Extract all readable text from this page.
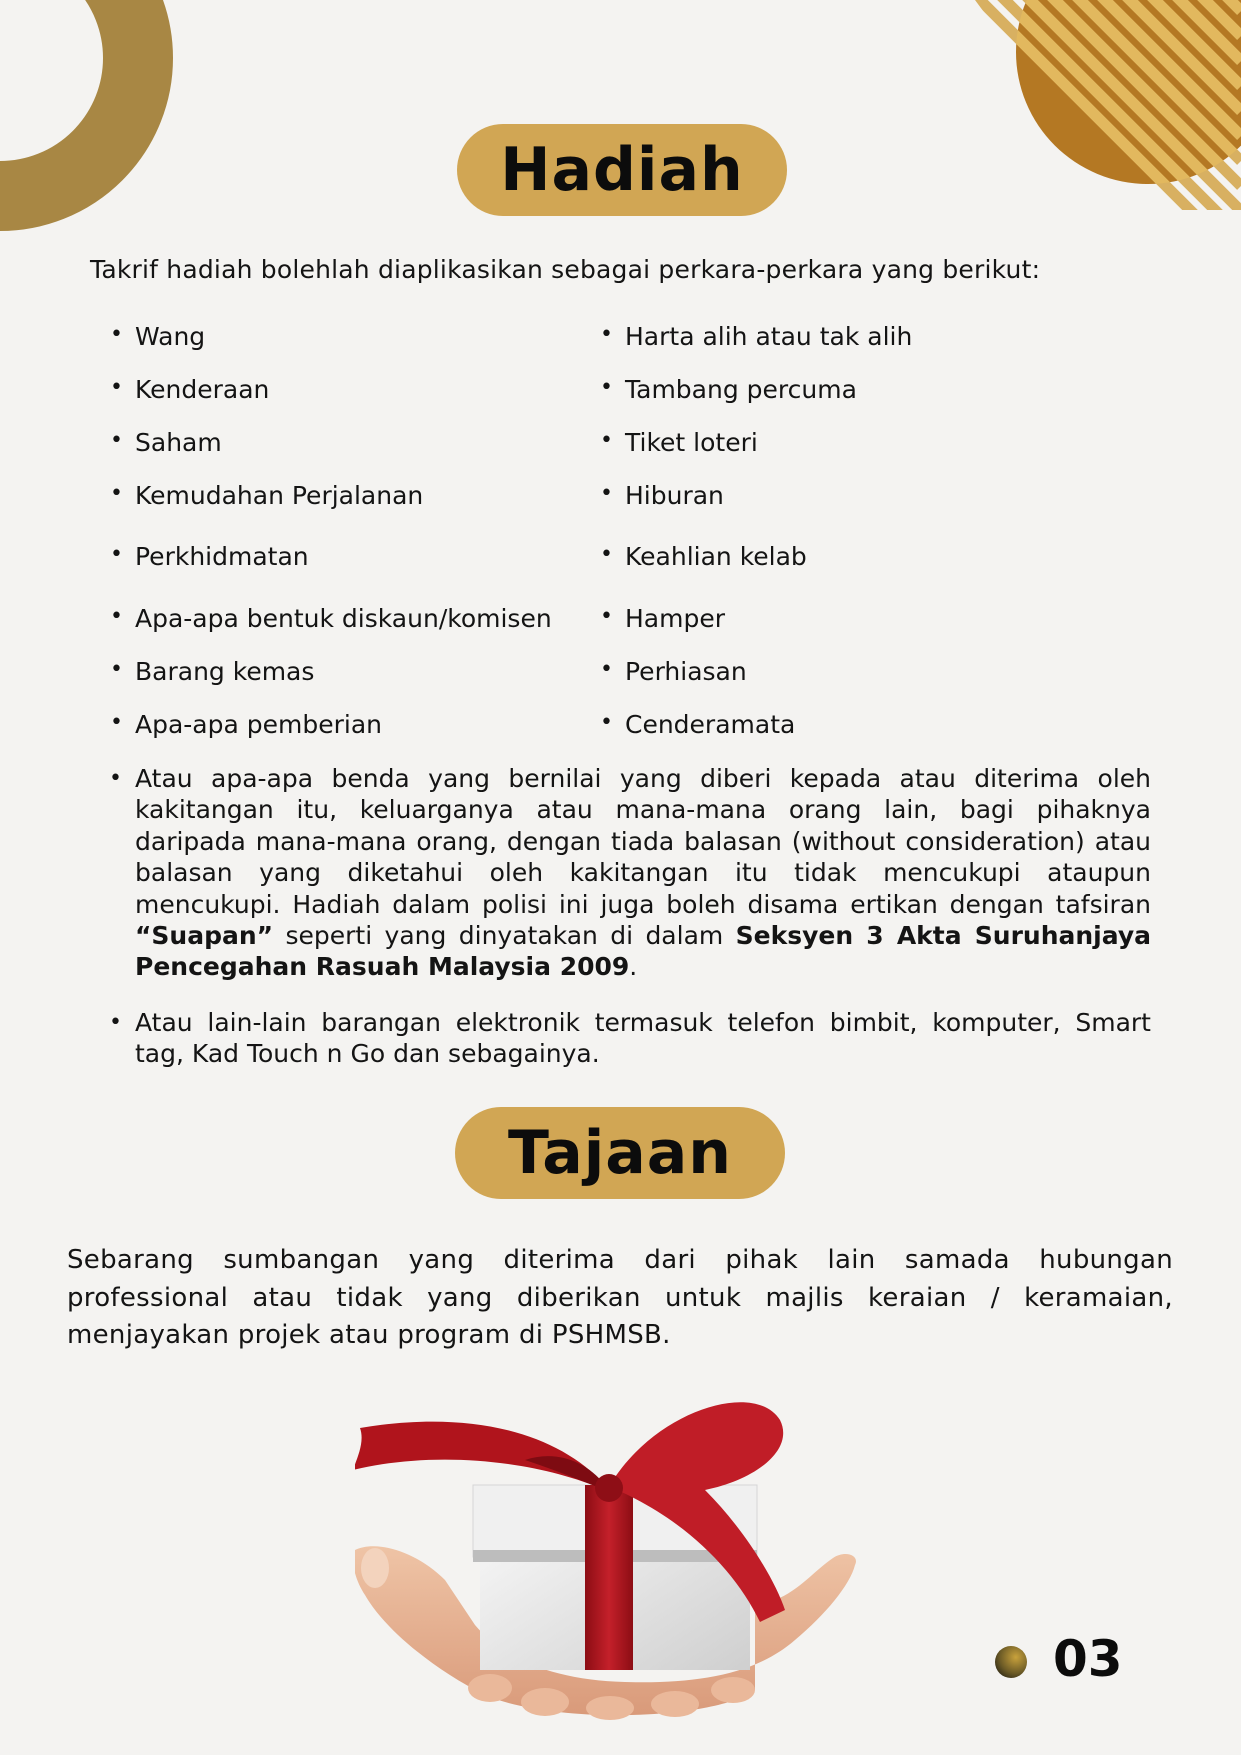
Hadiah
Takrif hadiah bolehlah diaplikasikan sebagai perkara-perkara yang berikut:
• Wang
• Kenderaan
• Saham
• Kemudahan Perjalanan
• Perkhidmatan
• Apa-apa bentuk diskaun/komisen
• Barang kemas
• Apa-apa pemberian
• Harta alih atau tak alih
• Tambang percuma
• Tiket loteri
• Hiburan
• Keahlian kelab
• Hamper
• Perhiasan
• Cenderamata

• Atau apa-apa benda yang bernilai yang diberi kepada atau diterima oleh kakitangan itu, keluarganya atau mana-mana orang lain, bagi pihaknya daripada mana-mana orang, dengan tiada balasan (without consideration) atau balasan yang diketahui oleh kakitangan itu tidak mencukupi ataupun mencukupi. Hadiah dalam polisi ini juga boleh disama ertikan dengan tafsiran “Suapan” seperti yang dinyatakan di dalam Seksyen 3 Akta Suruhanjaya Pencegahan Rasuah Malaysia 2009.

• Atau lain-lain barangan elektronik termasuk telefon bimbit, komputer, Smart tag, Kad Touch n Go dan sebagainya.

Tajaan

Sebarang sumbangan yang diterima dari pihak lain samada hubungan professional atau tidak yang diberikan untuk majlis keraian / keramaian, menjayakan projek atau program di PSHMSB.

03
